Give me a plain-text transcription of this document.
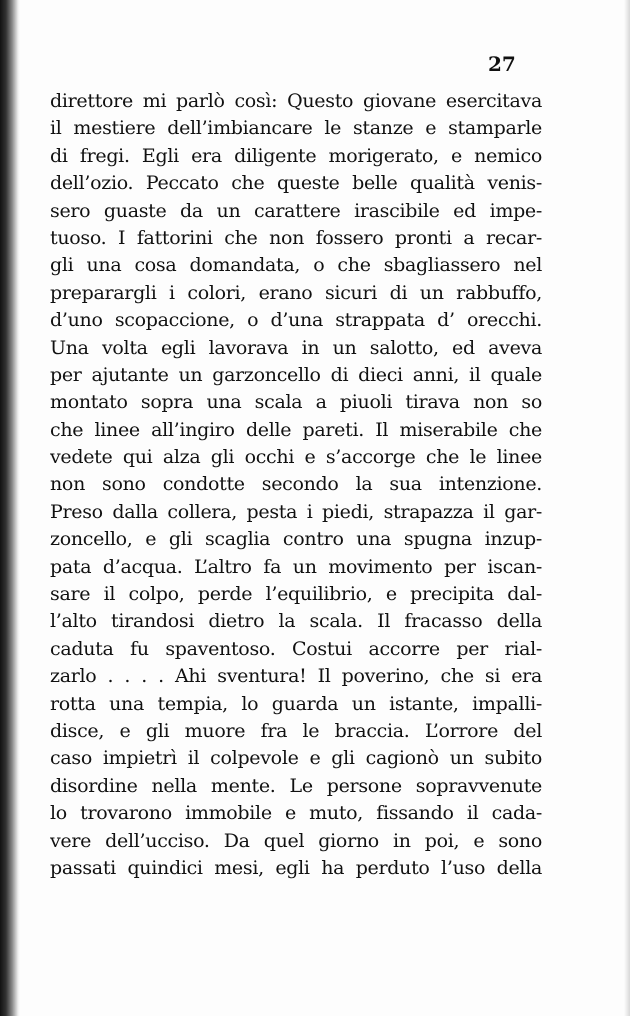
27
direttore mi parlò così: Questo giovane esercitava
il mestiere dell’imbiancare le stanze e stamparle
di fregi. Egli era diligente morigerato, e nemico
dell’ozio. Peccato che queste belle qualità venis-
sero guaste da un carattere irascibile ed impe-
tuoso. I fattorini che non fossero pronti a recar-
gli una cosa domandata, o che sbagliassero nel
preparargli i colori, erano sicuri di un rabbuffo,
d’uno scopaccione, o d’una strappata d’ orecchi.
Una volta egli lavorava in un salotto, ed aveva
per ajutante un garzoncello di dieci anni, il quale
montato sopra una scala a piuoli tirava non so
che linee all’ingiro delle pareti. Il miserabile che
vedete qui alza gli occhi e s’accorge che le linee
non sono condotte secondo la sua intenzione.
Preso dalla collera, pesta i piedi, strapazza il gar-
zoncello, e gli scaglia contro una spugna inzup-
pata d’acqua. L’altro fa un movimento per iscan-
sare il colpo, perde l’equilibrio, e precipita dal-
l’alto tirandosi dietro la scala. Il fracasso della
caduta fu spaventoso. Costui accorre per rial-
zarlo . . . . Ahi sventura! Il poverino, che si era
rotta una tempia, lo guarda un istante, impalli-
disce, e gli muore fra le braccia. L’orrore del
caso impietrì il colpevole e gli cagionò un subito
disordine nella mente. Le persone sopravvenute
lo trovarono immobile e muto, fissando il cada-
vere dell’ucciso. Da quel giorno in poi, e sono
passati quindici mesi, egli ha perduto l’uso della
